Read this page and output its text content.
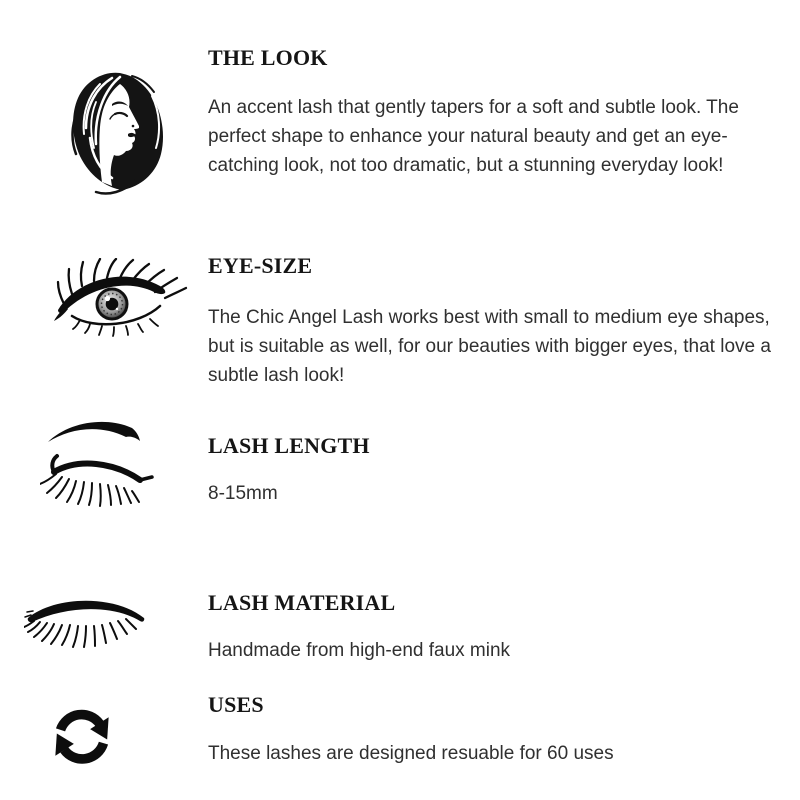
THE LOOK

An accent lash that gently tapers for a soft and subtle look. The perfect shape to enhance your natural beauty and get an eye-catching look, not too dramatic, but a stunning everyday look!

EYE-SIZE

The Chic Angel Lash works best with small to medium eye shapes, but is suitable as well, for our beauties with bigger eyes, that love a subtle lash look!

LASH LENGTH

8-15mm

LASH MATERIAL

Handmade from high-end faux mink

USES

These lashes are designed resuable for 60 uses
